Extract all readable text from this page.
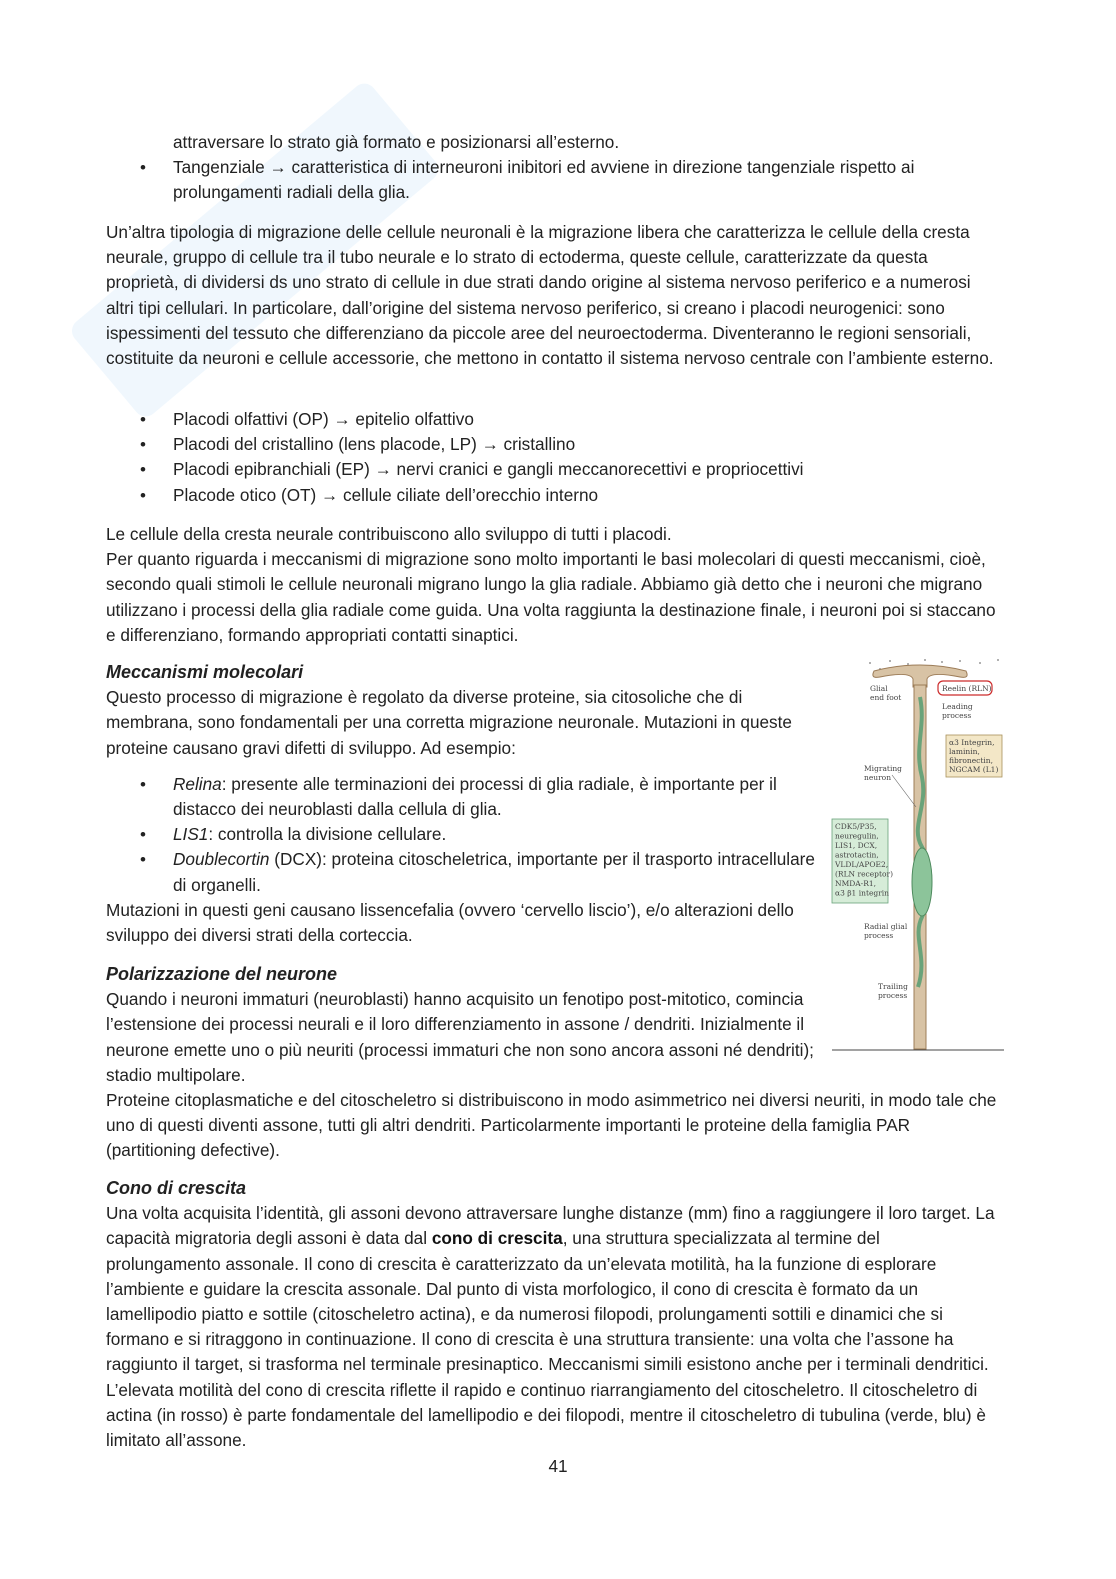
attraversare lo strato già formato e posizionarsi all’esterno.

• Tangenziale → caratteristica di interneuroni inibitori ed avviene in direzione tangenziale rispetto ai prolungamenti radiali della glia.

Un’altra tipologia di migrazione delle cellule neuronali è la migrazione libera che caratterizza le cellule della cresta neurale, gruppo di cellule tra il tubo neurale e lo strato di ectoderma, queste cellule, caratterizzate da questa proprietà, di dividersi ds uno strato di cellule in due strati dando origine al sistema nervoso periferico e a numerosi altri tipi cellulari. In particolare, dall’origine del sistema nervoso periferico, si creano i placodi neurogenici: sono ispessimenti del tessuto che differenziano da piccole aree del neuroectoderma. Diventeranno le regioni sensoriali, costituite da neuroni e cellule accessorie, che mettono in contatto il sistema nervoso centrale con l’ambiente esterno.

• Placodi olfattivi (OP) → epitelio olfattivo
• Placodi del cristallino (lens placode, LP) → cristallino
• Placodi epibranchiali (EP) → nervi cranici e gangli meccanorecettivi e propriocettivi
• Placode otico (OT) → cellule ciliate dell’orecchio interno

Le cellule della cresta neurale contribuiscono allo sviluppo di tutti i placodi.

Per quanto riguarda i meccanismi di migrazione sono molto importanti le basi molecolari di questi meccanismi, cioè, secondo quali stimoli le cellule neuronali migrano lungo la glia radiale. Abbiamo già detto che i neuroni che migrano utilizzano i processi della glia radiale come guida. Una volta raggiunta la destinazione finale, i neuroni poi si staccano e differenziano, formando appropriati contatti sinaptici.

Meccanismi molecolari

Questo processo di migrazione è regolato da diverse proteine, sia citosoliche che di membrana, sono fondamentali per una corretta migrazione neuronale. Mutazioni in queste proteine causano gravi difetti di sviluppo. Ad esempio:

• Relina: presente alle terminazioni dei processi di glia radiale, è importante per il distacco dei neuroblasti dalla cellula di glia.
• LIS1: controlla la divisione cellulare.
• Doublecortin (DCX): proteina citoscheletrica, importante per il trasporto intracellulare di organelli.

Mutazioni in questi geni causano lissencefalia (ovvero ‘cervello liscio’), e/o alterazioni dello sviluppo dei diversi strati della corteccia.

Polarizzazione del neurone

Quando i neuroni immaturi (neuroblasti) hanno acquisito un fenotipo post-mitotico, comincia l’estensione dei processi neurali e il loro differenziamento in assone / dendriti. Inizialmente il neurone emette uno o più neuriti (processi immaturi che non sono ancora assoni né dendriti); stadio multipolare.

Proteine citoplasmatiche e del citoscheletro si distribuiscono in modo asimmetrico nei diversi neuriti, in modo tale che uno di questi diventi assone, tutti gli altri dendriti. Particolarmente importanti le proteine della famiglia PAR (partitioning defective).

Cono di crescita

Una volta acquisita l’identità, gli assoni devono attraversare lunghe distanze (mm) fino a raggiungere il loro target. La capacità migratoria degli assoni è data dal cono di crescita, una struttura specializzata al termine del prolungamento assonale. Il cono di crescita è caratterizzato da un’elevata motilità, ha la funzione di esplorare l’ambiente e guidare la crescita assonale. Dal punto di vista morfologico, il cono di crescita è formato da un lamellipodio piatto e sottile (citoscheletro actina), e da numerosi filopodi, prolungamenti sottili e dinamici che si formano e si ritraggono in continuazione. Il cono di crescita è una struttura transiente: una volta che l’assone ha raggiunto il target, si trasforma nel terminale presinaptico. Meccanismi simili esistono anche per i terminali dendritici. L’elevata motilità del cono di crescita riflette il rapido e continuo riarrangiamento del citoscheletro. Il citoscheletro di actina (in rosso) è parte fondamentale del lamellipodio e dei filopodi, mentre il citoscheletro di tubulina (verde, blu) è limitato all’assone.

Glial end foot
Reelin (RLN)
Leading process
α3 Integrin, laminin, fibronectin, NGCAM (L1)
Migrating neuron
CDK5/P35, neuregulin, LIS1, DCX, astrotactin, VLDL/APOE2, (RLN receptor) NMDA-R1, α3 β1 integrin
Radial glial process
Trailing process
41
